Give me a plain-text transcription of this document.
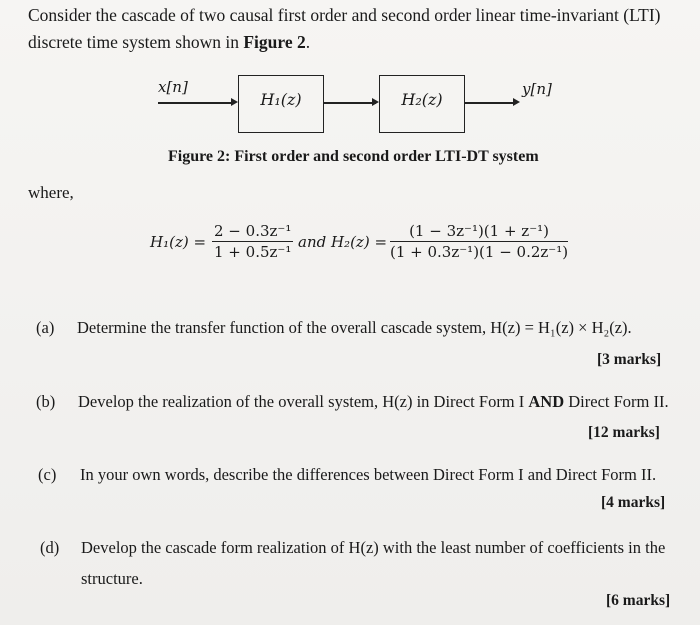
Consider the cascade of two causal first order and second order linear time-invariant (LTI) discrete time system shown in Figure 2.
x[n]
H₁(z)	H₂(z)
y[n]
Figure 2: First order and second order LTI-DT system
where,
$H_1(z) = \frac{\text{2 − 0.3z⁻¹}}{\text{1 + 0.5z⁻¹}}$ and $H_2(z) = \frac{\text{(1 − 3z⁻¹)(1 + z⁻¹)}}{\text{(1 + 0.3z⁻¹)(1 − 0.2z⁻¹)}}$
(a) Determine the transfer function of the overall cascade system, H(z) = H₁(z) × H₂(z).
[3 marks]
(b) Develop the realization of the overall system, H(z) in Direct Form I AND Direct Form II.
[12 marks]
(c) In your own words, describe the differences between Direct Form I and Direct Form II.
[4 marks]
(d) Develop the cascade form realization of H(z) with the least number of coefficients in the
structure.
[6 marks]
